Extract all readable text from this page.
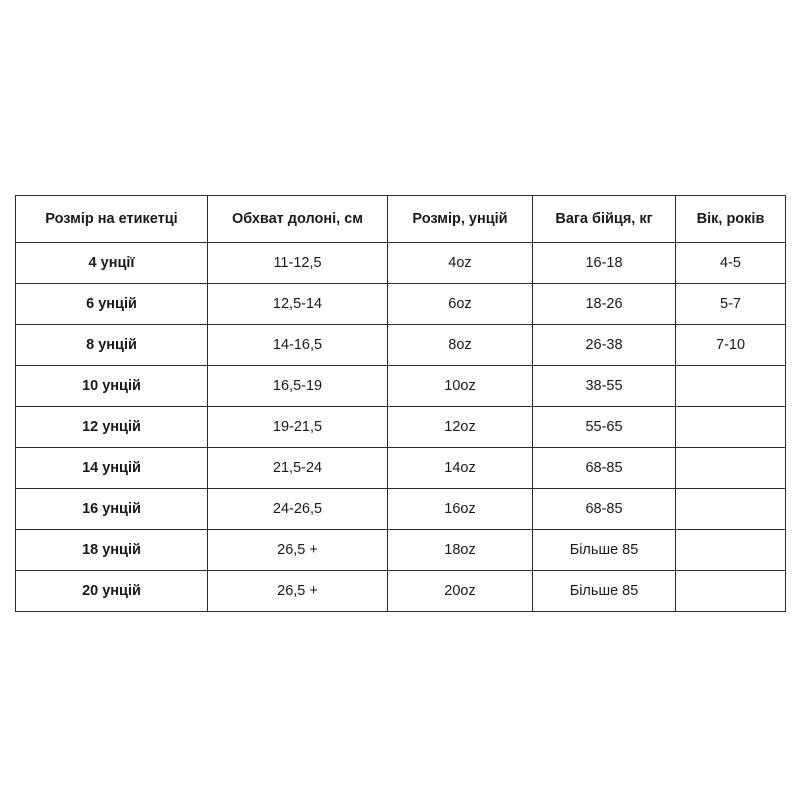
Розмір на етикетці	Обхват долоні, см	Розмір, унцій	Вага бійця, кг	Вік, років
4 унції	11-12,5	4oz	16-18	4-5
6 унцій	12,5-14	6oz	18-26	5-7
8 унцій	14-16,5	8oz	26-38	7-10
10 унцій	16,5-19	10oz	38-55	
12 унцій	19-21,5	12oz	55-65	
14 унцій	21,5-24	14oz	68-85	
16 унцій	24-26,5	16oz	68-85	
18 унцій	26,5 +	18oz	Більше 85	
20 унцій	26,5 +	20oz	Більше 85	
